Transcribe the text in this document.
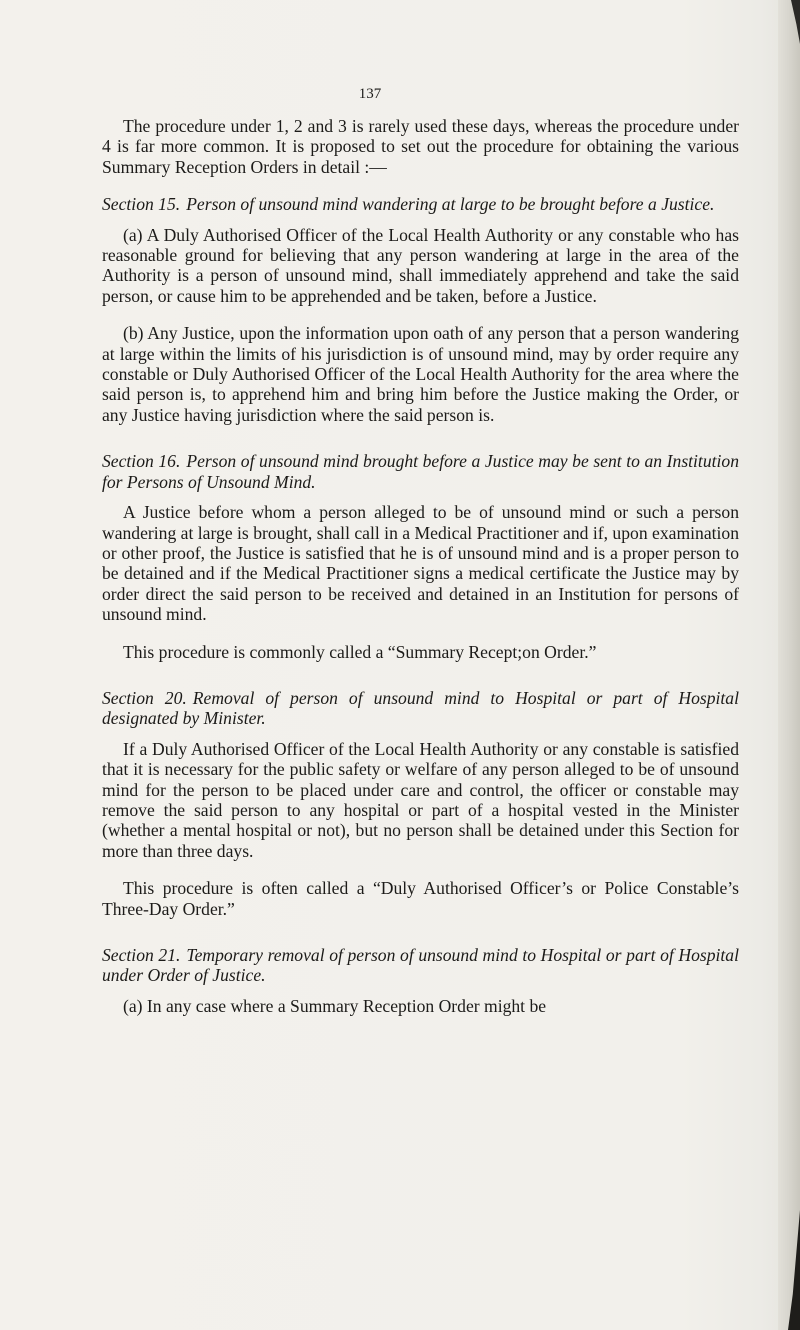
137

The procedure under 1, 2 and 3 is rarely used these days, whereas the procedure under 4 is far more common. It is proposed to set out the procedure for obtaining the various Summary Reception Orders in detail :—

Section 15. Person of unsound mind wandering at large to be brought before a Justice.

(a) A Duly Authorised Officer of the Local Health Authority or any constable who has reasonable ground for believing that any person wandering at large in the area of the Authority is a person of unsound mind, shall immediately apprehend and take the said person, or cause him to be apprehended and be taken, before a Justice.

(b) Any Justice, upon the information upon oath of any person that a person wandering at large within the limits of his jurisdiction is of unsound mind, may by order require any constable or Duly Authorised Officer of the Local Health Authority for the area where the said person is, to apprehend him and bring him before the Justice making the Order, or any Justice having jurisdiction where the said person is.

Section 16. Person of unsound mind brought before a Justice may be sent to an Institution for Persons of Unsound Mind.

A Justice before whom a person alleged to be of unsound mind or such a person wandering at large is brought, shall call in a Medical Practitioner and if, upon examination or other proof, the Justice is satisfied that he is of unsound mind and is a proper person to be detained and if the Medical Practitioner signs a medical certificate the Justice may by order direct the said person to be received and detained in an Institution for persons of unsound mind.

This procedure is commonly called a “Summary Recept;on Order.”

Section 20. Removal of person of unsound mind to Hospital or part of Hospital designated by Minister.

If a Duly Authorised Officer of the Local Health Authority or any constable is satisfied that it is necessary for the public safety or welfare of any person alleged to be of unsound mind for the person to be placed under care and control, the officer or constable may remove the said person to any hospital or part of a hospital vested in the Minister (whether a mental hospital or not), but no person shall be detained under this Section for more than three days.

This procedure is often called a “Duly Authorised Officer’s or Police Constable’s Three-Day Order.”

Section 21. Temporary removal of person of unsound mind to Hospital or part of Hospital under Order of Justice.

(a) In any case where a Summary Reception Order might be
